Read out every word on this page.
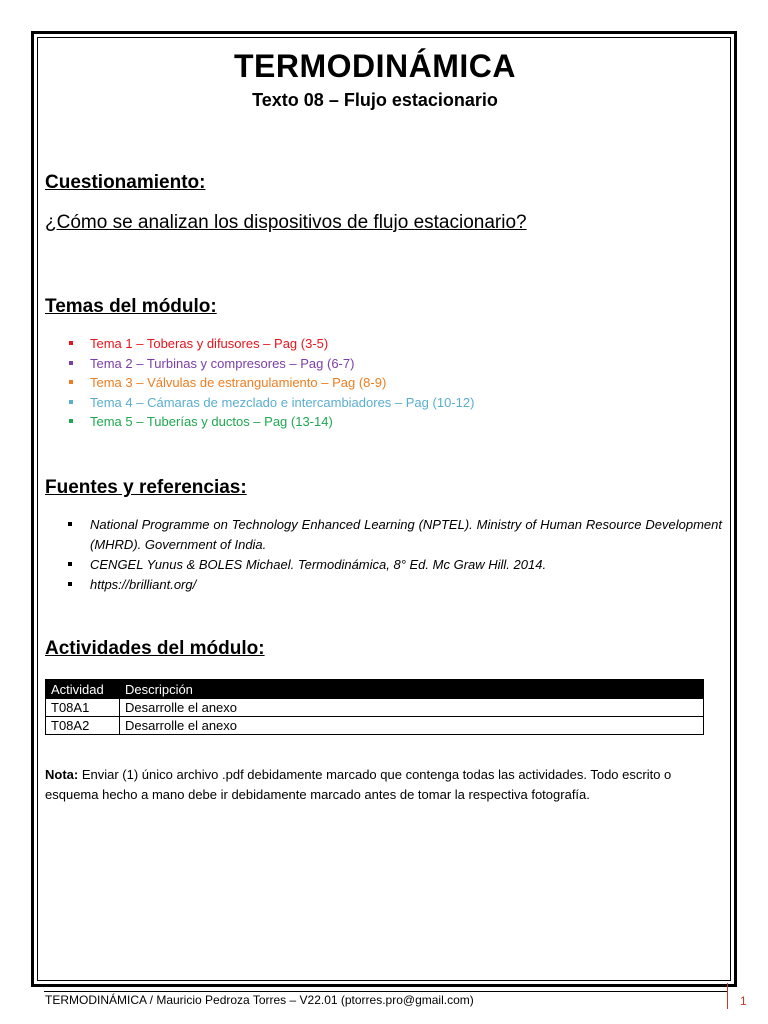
TERMODINÁMICA
Texto 08 – Flujo estacionario
Cuestionamiento:

¿Cómo se analizan los dispositivos de flujo estacionario?

Temas del módulo:
Tema 1 – Toberas y difusores – Pag (3-5)
Tema 2 – Turbinas y compresores – Pag (6-7)
Tema 3 – Válvulas de estrangulamiento – Pag (8-9)
Tema 4 – Cámaras de mezclado e intercambiadores – Pag (10-12)
Tema 5 – Tuberías y ductos – Pag (13-14)
Fuentes y referencias:
National Programme on Technology Enhanced Learning (NPTEL). Ministry of Human Resource Development (MHRD). Government of India.
CENGEL Yunus & BOLES Michael. Termodinámica, 8° Ed. Mc Graw Hill. 2014.
https://brilliant.org/
Actividades del módulo:
Actividad	Descripción
T08A1	Desarrolle el anexo
T08A2	Desarrolle el anexo

Nota: Enviar (1) único archivo .pdf debidamente marcado que contenga todas las actividades. Todo escrito o esquema hecho a mano debe ir debidamente marcado antes de tomar la respectiva fotografía.

TERMODINÁMICA / Mauricio Pedroza Torres – V22.01 (ptorres.pro@gmail.com)	1
